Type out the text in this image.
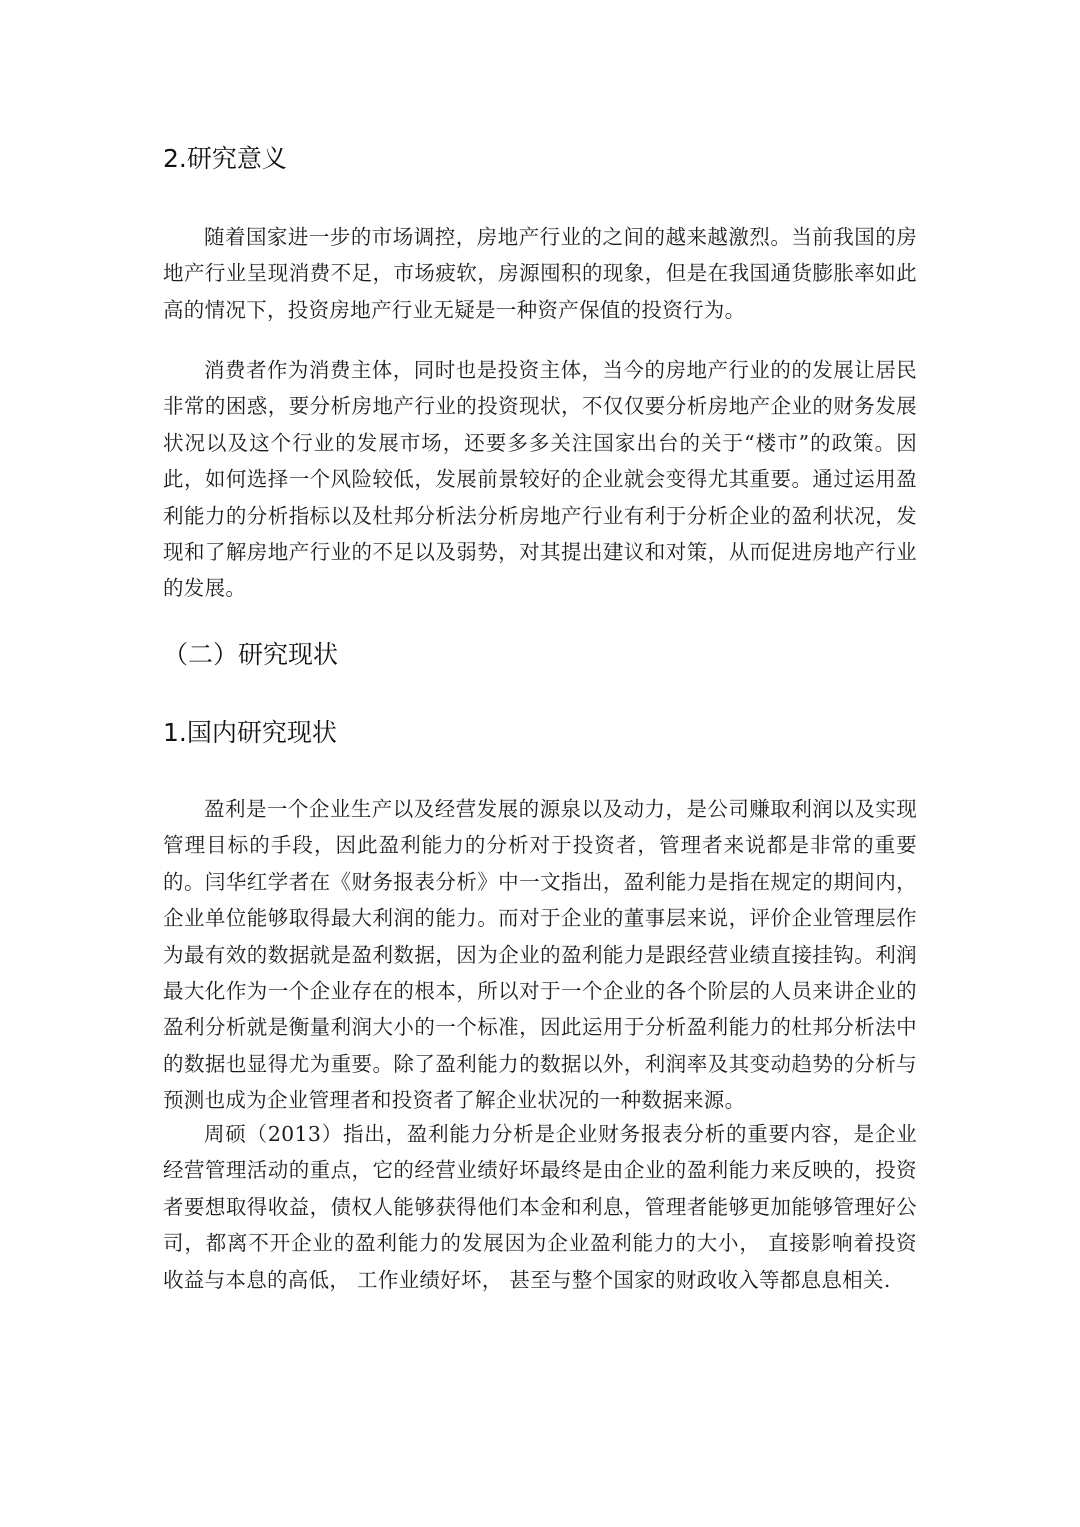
2.研究意义

随着国家进一步的市场调控，房地产行业的之间的越来越激烈。当前我国的房地产行业呈现消费不足，市场疲软，房源囤积的现象，但是在我国通货膨胀率如此高的情况下，投资房地产行业无疑是一种资产保值的投资行为。

消费者作为消费主体，同时也是投资主体，当今的房地产行业的的发展让居民非常的困惑，要分析房地产行业的投资现状，不仅仅要分析房地产企业的财务发展状况以及这个行业的发展市场，还要多多关注国家出台的关于“楼市”的政策。因此，如何选择一个风险较低，发展前景较好的企业就会变得尤其重要。通过运用盈利能力的分析指标以及杜邦分析法分析房地产行业有利于分析企业的盈利状况，发现和了解房地产行业的不足以及弱势，对其提出建议和对策，从而促进房地产行业的发展。

（二）研究现状
1.国内研究现状

盈利是一个企业生产以及经营发展的源泉以及动力，是公司赚取利润以及实现管理目标的手段，因此盈利能力的分析对于投资者，管理者来说都是非常的重要的。闫华红学者在《财务报表分析》中一文指出，盈利能力是指在规定的期间内，企业单位能够取得最大利润的能力。而对于企业的董事层来说，评价企业管理层作为最有效的数据就是盈利数据，因为企业的盈利能力是跟经营业绩直接挂钩。利润最大化作为一个企业存在的根本，所以对于一个企业的各个阶层的人员来讲企业的盈利分析就是衡量利润大小的一个标准，因此运用于分析盈利能力的杜邦分析法中的数据也显得尤为重要。除了盈利能力的数据以外，利润率及其变动趋势的分析与预测也成为企业管理者和投资者了解企业状况的一种数据来源。

周硕（2013）指出，盈利能力分析是企业财务报表分析的重要内容，是企业经营管理活动的重点，它的经营业绩好坏最终是由企业的盈利能力来反映的，投资者要想取得收益，债权人能够获得他们本金和利息，管理者能够更加能够管理好公司，都离不开企业的盈利能力的发展因为企业盈利能力的大小， 直接影响着投资收益与本息的高低， 工作业绩好坏， 甚至与整个国家的财政收入等都息息相关.
